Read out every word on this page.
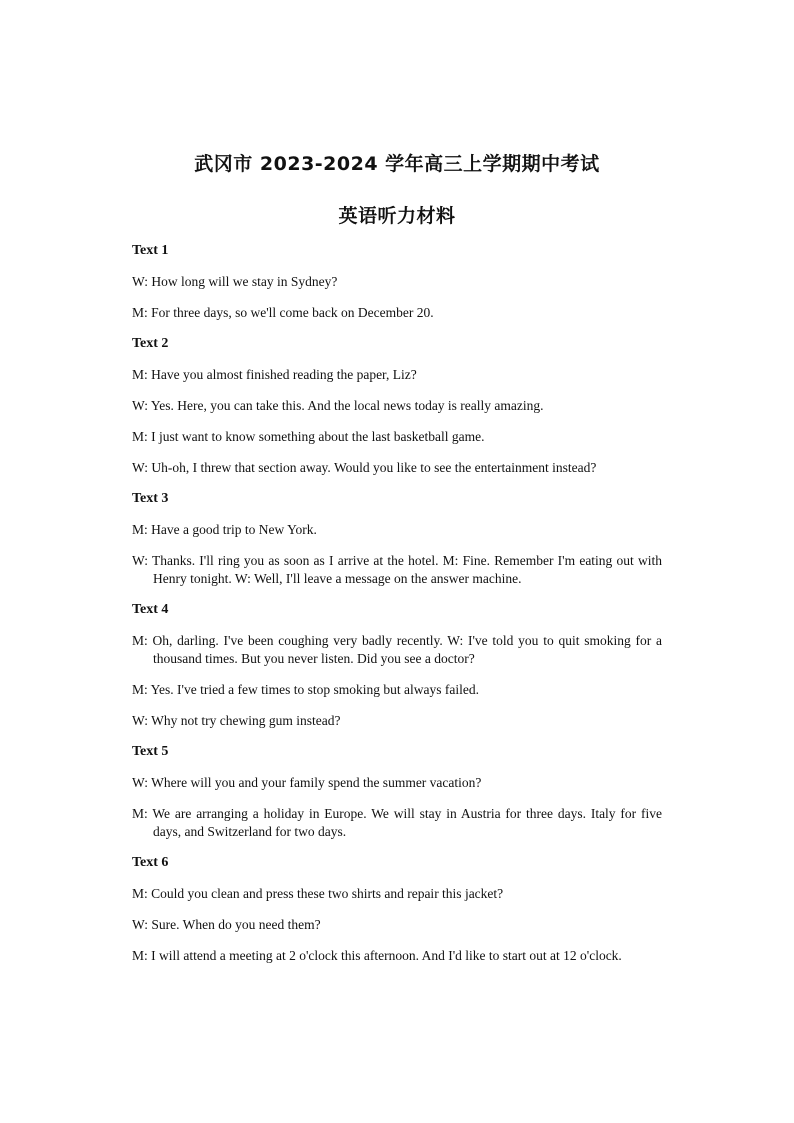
武冈市 2023-2024 学年高三上学期期中考试
英语听力材料

Text 1

W: How long will we stay in Sydney?

M: For three days, so we'll come back on December 20.

Text 2

M: Have you almost finished reading the paper, Liz?

W: Yes. Here, you can take this. And the local news today is really amazing.

M: I just want to know something about the last basketball game.

W: Uh-oh, I threw that section away. Would you like to see the entertainment instead?

Text 3

M: Have a good trip to New York.

W: Thanks. I'll ring you as soon as I arrive at the hotel. M: Fine. Remember I'm eating out with Henry tonight. W: Well, I'll leave a message on the answer machine.

Text 4

M: Oh, darling. I've been coughing very badly recently. W: I've told you to quit smoking for a thousand times. But you never listen. Did you see a doctor?

M: Yes. I've tried a few times to stop smoking but always failed.

W: Why not try chewing gum instead?

Text 5

W: Where will you and your family spend the summer vacation?

M: We are arranging a holiday in Europe. We will stay in Austria for three days. Italy for five days, and Switzerland for two days.

Text 6

M: Could you clean and press these two shirts and repair this jacket?

W: Sure. When do you need them?

M: I will attend a meeting at 2 o'clock this afternoon. And I'd like to start out at 12 o'clock.
